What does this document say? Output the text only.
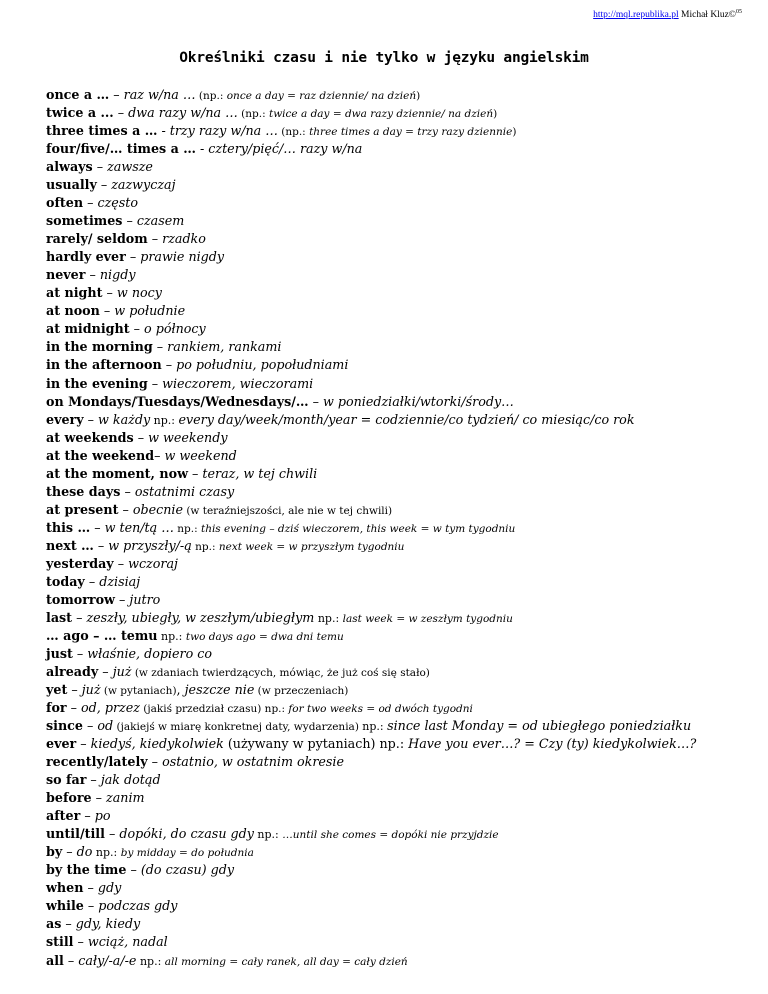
http://mql.republika.pl Michał Kluz©$^{05}$
Określniki czasu i nie tylko w języku angielskim
once a … – raz w/na … (np.: once a day = raz dziennie/ na dzień)
twice a ... – dwa razy w/na … (np.: twice a day = dwa razy dziennie/ na dzień)
three times a … - trzy razy w/na … (np.: three times a day = trzy razy dziennie)
four/five/… times a … - cztery/pięć/… razy w/na
always – zawsze
usually – zazwyczaj
often – często
sometimes – czasem
rarely/ seldom – rzadko
hardly ever – prawie nigdy
never – nigdy
at night – w nocy
at noon – w południe
at midnight – o północy
in the morning – rankiem, rankami
in the afternoon – po południu, popołudniami
in the evening – wieczorem, wieczorami
on Mondays/Tuesdays/Wednesdays/… – w poniedziałki/wtorki/środy…
every – w każdy np.: every day/week/month/year = codziennie/co tydzień/ co miesiąc/co rok
at weekends – w weekendy
at the weekend– w weekend
at the moment, now – teraz, w tej chwili
these days – ostatnimi czasy
at present – obecnie (w teraźniejszości, ale nie w tej chwili)
this … – w ten/tą … np.: this evening – dziś wieczorem, this week = w tym tygodniu
next … – w przyszły/-ą np.: next week = w przyszłym tygodniu
yesterday – wczoraj
today – dzisiaj
tomorrow – jutro
last – zeszły, ubiegły, w zeszłym/ubiegłym np.: last week = w zeszłym tygodniu
… ago – … temu np.: two days ago = dwa dni temu
just – właśnie, dopiero co
already – już (w zdaniach twierdzących, mówiąc, że już coś się stało)
yet – już (w pytaniach), jeszcze nie (w przeczeniach)
for – od, przez (jakiś przedział czasu) np.: for two weeks = od dwóch tygodni
since – od (jakiejś w miarę konkretnej daty, wydarzenia) np.: since last Monday = od ubiegłego poniedziałku
ever – kiedyś, kiedykolwiek (używany w pytaniach) np.: Have you ever…? = Czy (ty) kiedykolwiek…?
recently/lately – ostatnio, w ostatnim okresie
so far – jak dotąd
before – zanim
after – po
until/till – dopóki, do czasu gdy np.: …until she comes = dopóki nie przyjdzie
by – do np.: by midday = do południa
by the time – (do czasu) gdy
when – gdy
while – podczas gdy
as – gdy, kiedy
still – wciąż, nadal
all – cały/-a/-e np.: all morning = cały ranek, all day = cały dzień
